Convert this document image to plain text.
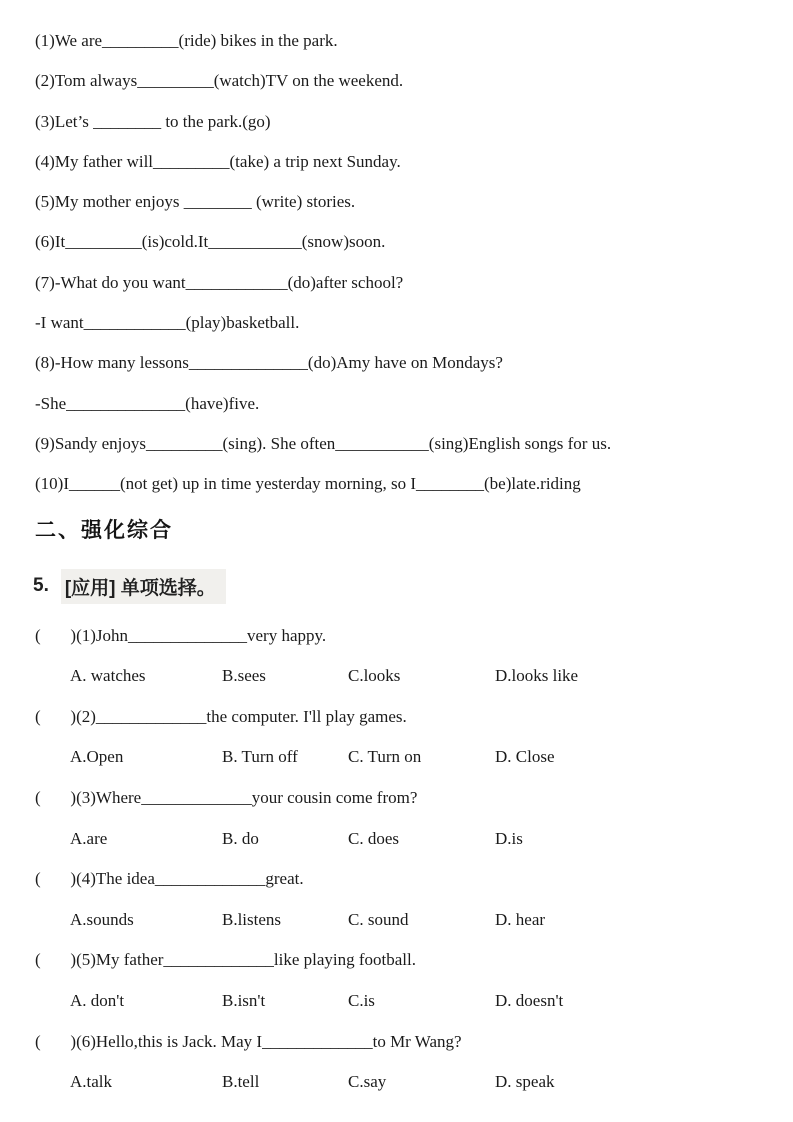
(1)We are_________(ride) bikes in the park.
(2)Tom always_________(watch)TV on the weekend.
(3)Let’s ________ to the park.(go)
(4)My father will_________(take) a trip next Sunday.
(5)My mother enjoys ________ (write) stories.
(6)It_________(is)cold.It___________(snow)soon.
(7)-What do you want____________(do)after school?
-I want____________(play)basketball.
(8)-How many lessons______________(do)Amy have on Mondays?
-She______________(have)five.
(9)Sandy enjoys_________(sing). She often___________(sing)English songs for us.
(10)I______(not get) up in time yesterday morning, so I________(be)late.riding
二、强化综合
5. [应用] 单项选择。
(       )(1)John______________very happy.
A. watches	B.sees	C.looks	D.looks like
(       )(2)_____________the computer. I'll play games.
A.Open	B. Turn off	C. Turn on	D. Close
(       )(3)Where_____________your cousin come from?
A.are	B. do	C. does	D.is
(       )(4)The idea_____________great.
A.sounds	B.listens	C. sound	D. hear
(       )(5)My father_____________like playing football.
A. don't	B.isn't	C.is	D. doesn't
(       )(6)Hello,this is Jack. May I_____________to Mr Wang?
A.talk	B.tell	C.say	D. speak
